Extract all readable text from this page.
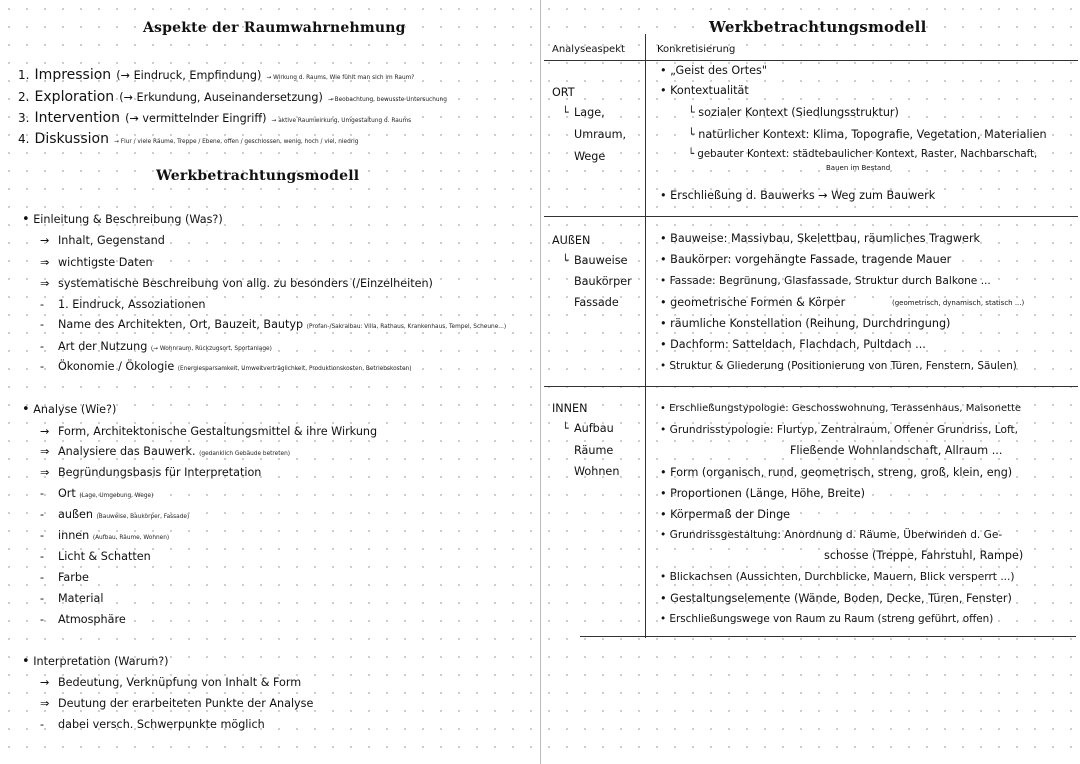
Aspekte der Raumwahrnehmung
1. Impression (→ Eindruck, Empfindung) → Wirkung d. Raums, Wie fühlt man sich im Raum?
2. Exploration (→ Erkundung, Auseinandersetzung) → Beobachtung, bewusste Untersuchung
3. Intervention (→ vermittelnder Eingriff) → aktive Raumwirkung, Umgestaltung d. Raums
4. Diskussion → Flur / viele Räume, Treppe / Ebene, offen / geschlossen, wenig, hoch / viel, niedrig
Werkbetrachtungsmodell
• Einleitung & Beschreibung (Was?)
→ Inhalt, Gegenstand
⇒ wichtigste Daten
⇒ systematische Beschreibung von allg. zu besonders (/Einzelheiten)
- 1. Eindruck, Assoziationen
- Name des Architekten, Ort, Bauzeit, Bautyp (Profan-/Sakralbau: Villa, Rathaus, Krankenhaus, Tempel, Scheune...)
- Art der Nutzung (→ Wohnraum, Rückzugsort, Sportanlage)
- Ökonomie / Ökologie (Energiesparsamkeit, Umweltverträglichkeit, Produktionskosten, Betriebskosten)
• Analyse (Wie?)
→ Form, Architektonische Gestaltungsmittel & ihre Wirkung
⇒ Analysiere das Bauwerk. (gedanklich Gebäude betreten)
⇒ Begründungsbasis für Interpretation
- Ort (Lage, Umgebung, Wege)
- außen (Bauweise, Baukörper, Fassade)
- innen (Aufbau, Räume, Wohnen)
- Licht & Schatten
- Farbe
- Material
- Atmosphäre
• Interpretation (Warum?)
→ Bedeutung, Verknüpfung von Inhalt & Form
⇒ Deutung der erarbeiteten Punkte der Analyse
- dabei versch. Schwerpunkte möglich
Werkbetrachtungsmodell
Analyseaspekt	Konkretisierung
ORT
└ Lage,
Umraum,
Wege
• „Geist des Ortes"
• Kontextualität
└ sozialer Kontext (Siedlungsstruktur)
└ natürlicher Kontext: Klima, Topografie, Vegetation, Materialien
└ gebauter Kontext: städtebaulicher Kontext, Raster, Nachbarschaft,
Bauen im Bestand
• Erschließung d. Bauwerks → Weg zum Bauwerk
AUßEN
└ Bauweise
Baukörper
Fassade
• Bauweise: Massivbau, Skelettbau, räumliches Tragwerk
• Baukörper: vorgehängte Fassade, tragende Mauer
• Fassade: Begrünung, Glasfassade, Struktur durch Balkone ...
• geometrische Formen & Körper	(geometrisch, dynamisch, statisch ...)
• räumliche Konstellation (Reihung, Durchdringung)
• Dachform: Satteldach, Flachdach, Pultdach ...
• Struktur & Gliederung (Positionierung von Türen, Fenstern, Säulen)
INNEN
└ Aufbau
Räume
Wohnen
• Erschließungstypologie: Geschosswohnung, Terassenhaus, Maisonette
• Grundrisstypologie: Flurtyp, Zentralraum, Offener Grundriss, Loft,
Fließende Wohnlandschaft, Allraum ...
• Form (organisch, rund, geometrisch, streng, groß, klein, eng)
• Proportionen (Länge, Höhe, Breite)
• Körpermaß der Dinge
• Grundrissgestaltung: Anordnung d. Räume, Überwinden d. Ge-
schosse (Treppe, Fahrstuhl, Rampe)
• Blickachsen (Aussichten, Durchblicke, Mauern, Blick versperrt ...)
• Gestaltungselemente (Wände, Boden, Decke, Türen, Fenster)
• Erschließungswege von Raum zu Raum (streng geführt, offen)
